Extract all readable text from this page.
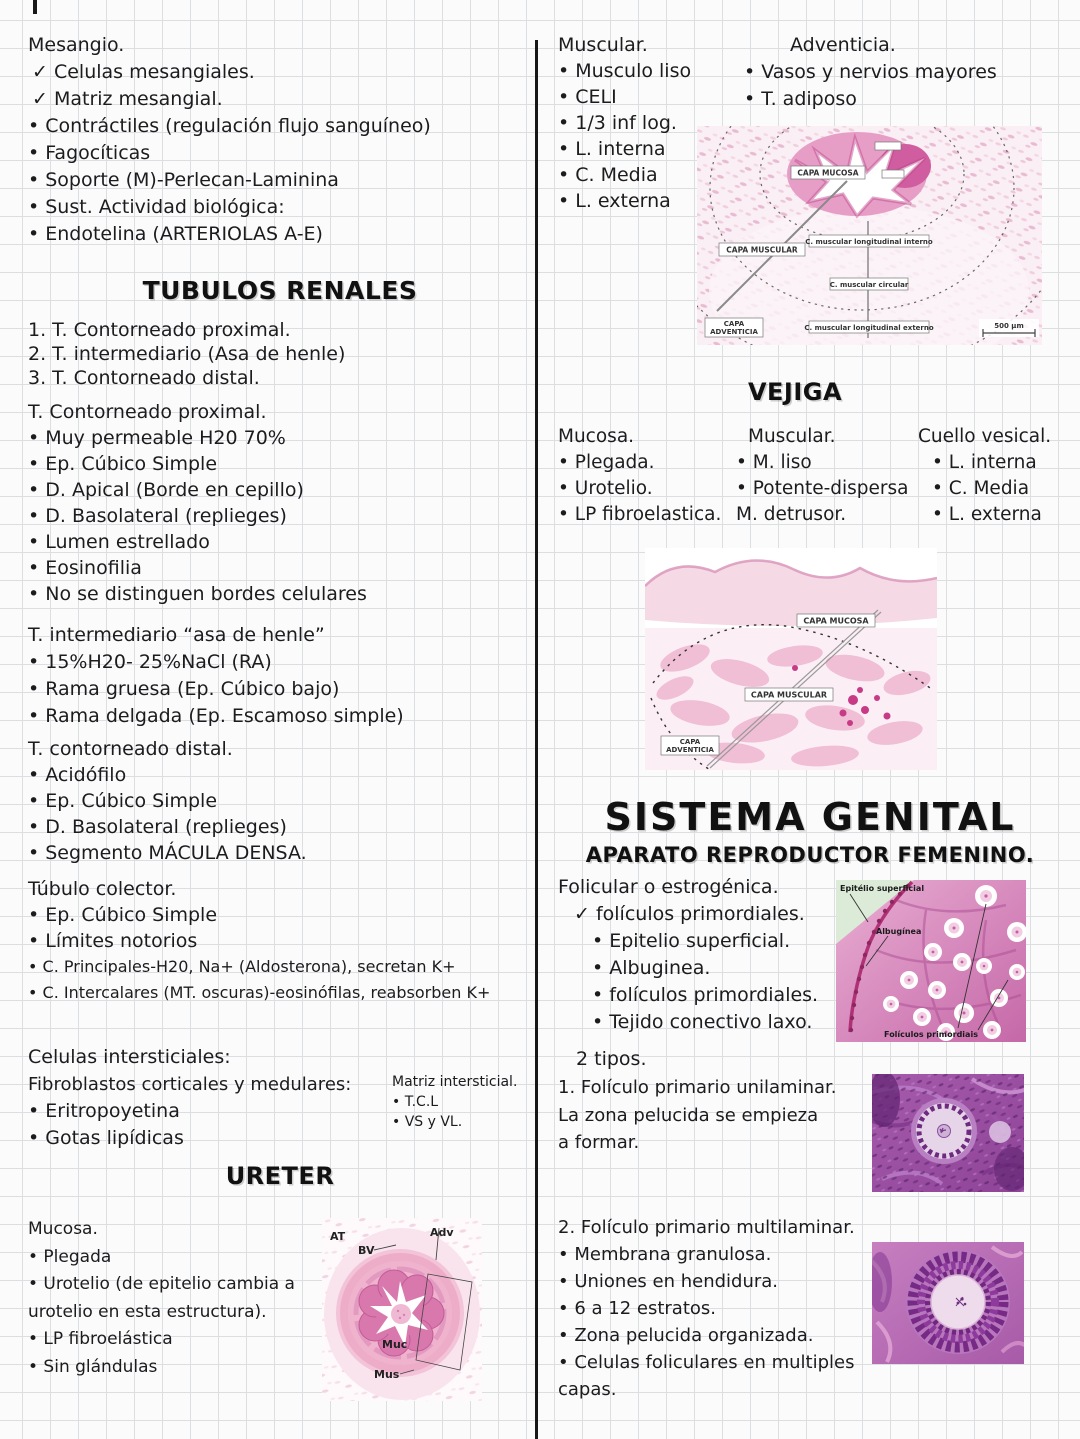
Mesangio.
✓ Celulas mesangiales.
✓ Matriz mesangial.
• Contráctiles (regulación flujo sanguíneo)
• Fagocíticas
• Soporte (M)-Perlecan-Laminina
• Sust. Actividad biológica:
• Endotelina (ARTERIOLAS A-E)
TUBULOS RENALES
1. T. Contorneado proximal.
2. T. intermediario (Asa de henle)
3. T. Contorneado distal.
T. Contorneado proximal.
• Muy permeable H20 70%
• Ep. Cúbico Simple
• D. Apical (Borde en cepillo)
• D. Basolateral (replieges)
• Lumen estrellado
• Eosinofilia
• No se distinguen bordes celulares
T. intermediario “asa de henle”
• 15%H20- 25%NaCl (RA)
• Rama gruesa (Ep. Cúbico bajo)
• Rama delgada (Ep. Escamoso simple)
T. contorneado distal.
• Acidófilo
• Ep. Cúbico Simple
• D. Basolateral (replieges)
• Segmento MÁCULA DENSA.
Túbulo colector.
• Ep. Cúbico Simple
• Límites notorios
• C. Principales-H20, Na+ (Aldosterona), secretan K+
• C. Intercalares (MT. oscuras)-eosinófilas, reabsorben K+
Celulas intersticiales:
Fibroblastos corticales y medulares:
• Eritropoyetina
• Gotas lipídicas
Matriz intersticial.
• T.C.L
• VS y VL.
URETER
Mucosa.
• Plegada
• Urotelio (de epitelio cambia a
urotelio en esta estructura).
• LP fibroelástica
• Sin glándulas
Muscular.
• Musculo liso
• CELI
• 1/3 inf log.
• L. interna
• C. Media
• L. externa
Adventicia.
• Vasos y nervios mayores
• T. adiposo
CAPA MUCOSA
CAPA MUSCULAR
CAPA
ADVENTICIA
C. muscular longitudinal interno
C. muscular circular
C. muscular longitudinal externo	500 μm
VEJIGA
Mucosa.
• Plegada.
• Urotelio.
• LP fibroelastica.
Muscular.
• M. liso
• Potente-dispersa
M. detrusor.
Cuello vesical.
• L. interna
• C. Media
• L. externa
CAPA MUCOSA
CAPA MUSCULAR
CAPA
ADVENTICIA
SISTEMA GENITAL
APARATO REPRODUCTOR FEMENINO.
Folicular o estrogénica.
✓ folículos primordiales.
• Epitelio superficial.
• Albuginea.
• folículos primordiales.
• Tejido conectivo laxo.
Epitélio superficial
Albugínea
Folículos primordiais
2 tipos.
1. Folículo primario unilaminar.
La zona pelucida se empieza
a formar.
2. Folículo primario multilaminar.
• Membrana granulosa.
• Uniones en hendidura.
• 6 a 12 estratos.
• Zona pelucida organizada.
• Celulas foliculares en multiples
capas.
AT
BV
Adv
Muc
Mus
